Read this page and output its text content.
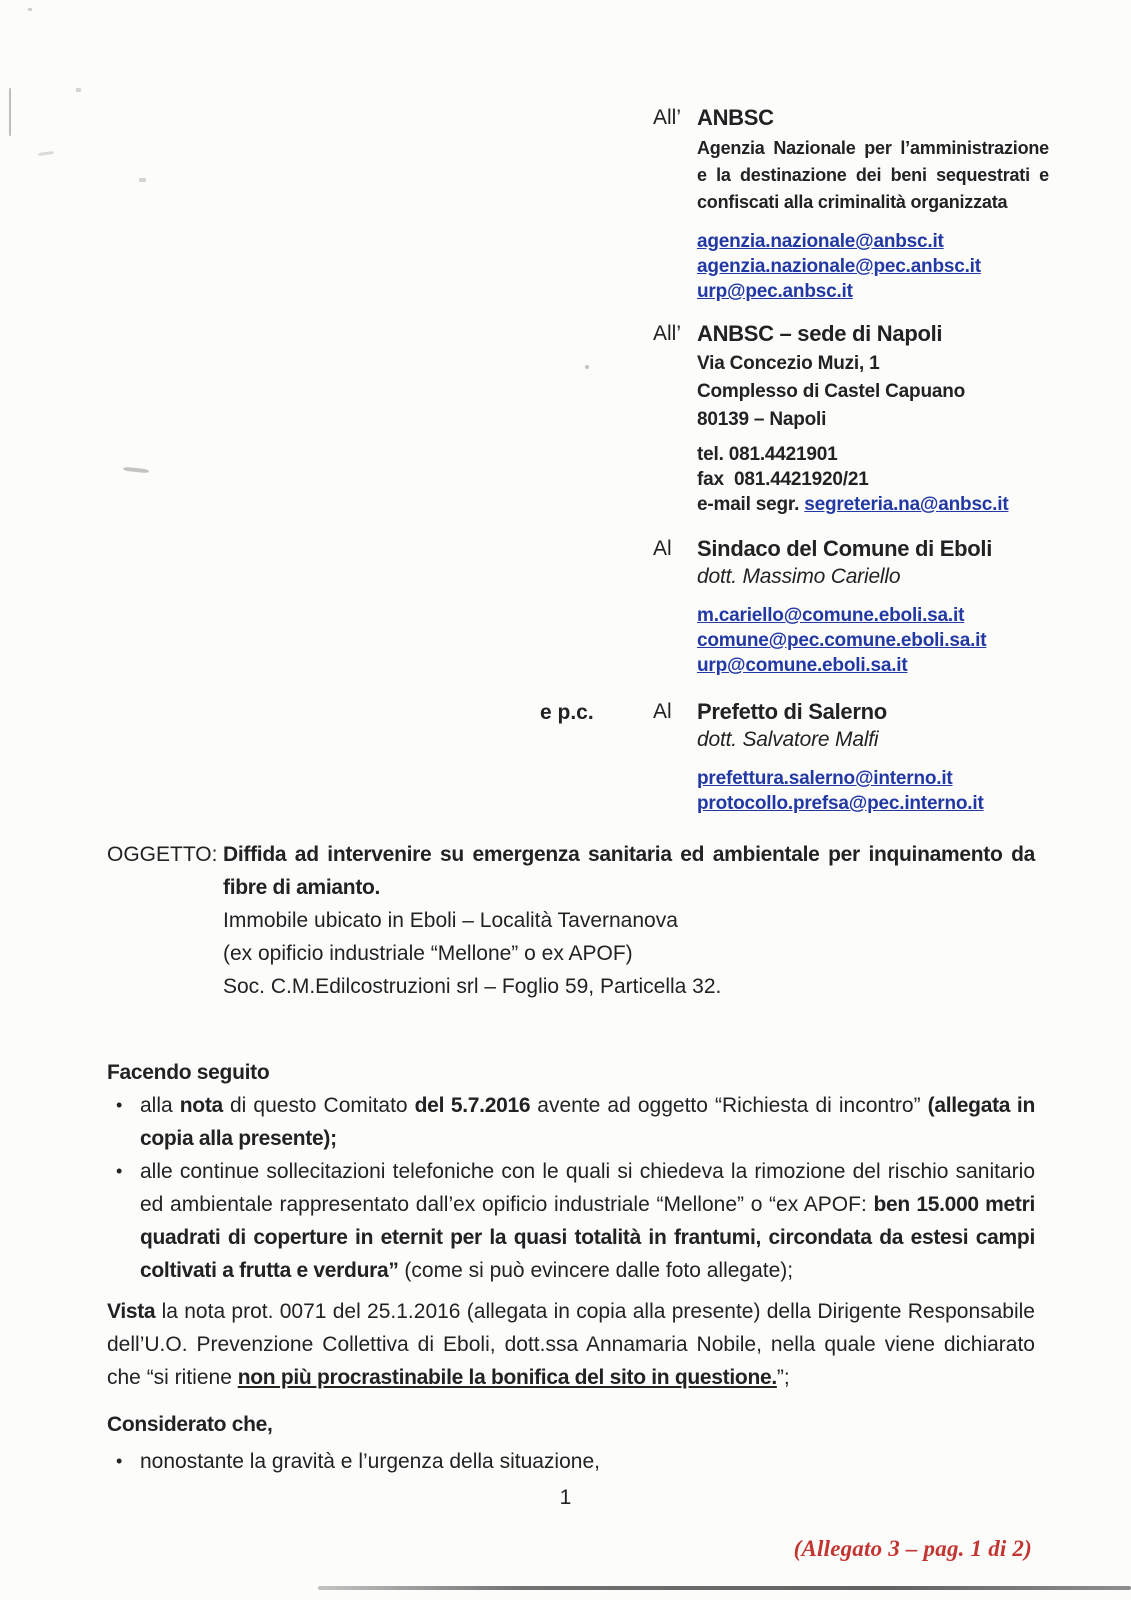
All’ ANBSC
Agenzia Nazionale per l’amministrazione e la destinazione dei beni sequestrati e confiscati alla criminalità organizzata
agenzia.nazionale@anbsc.it
agenzia.nazionale@pec.anbsc.it
urp@pec.anbsc.it
All’ ANBSC – sede di Napoli
Via Concezio Muzi, 1
Complesso di Castel Capuano
80139 – Napoli
tel. 081.4421901
fax  081.4421920/21
e-mail segr. segreteria.na@anbsc.it
Al Sindaco del Comune di Eboli
dott. Massimo Cariello
m.cariello@comune.eboli.sa.it
comune@pec.comune.eboli.sa.it
urp@comune.eboli.sa.it
e p.c.	Al Prefetto di Salerno
dott. Salvatore Malfi
prefettura.salerno@interno.it
protocollo.prefsa@pec.interno.it
OGGETTO: Diffida ad intervenire su emergenza sanitaria ed ambientale per inquinamento da fibre di amianto.

Immobile ubicato in Eboli – Località Tavernanova

(ex opificio industriale “Mellone” o ex APOF)

Soc. C.M.Edilcostruzioni srl – Foglio 59, Particella 32.

Facendo seguito

• alla nota di questo Comitato del 5.7.2016 avente ad oggetto “Richiesta di incontro” (allegata in copia alla presente);

• alle continue sollecitazioni telefoniche con le quali si chiedeva la rimozione del rischio sanitario ed ambientale rappresentato dall’ex opificio industriale “Mellone” o “ex APOF: ben 15.000 metri quadrati di coperture in eternit per la quasi totalità in frantumi, circondata da estesi campi coltivati a frutta e verdura” (come si può evincere dalle foto allegate);

Vista la nota prot. 0071 del 25.1.2016 (allegata in copia alla presente) della Dirigente Responsabile dell’U.O. Prevenzione Collettiva di Eboli, dott.ssa Annamaria Nobile, nella quale viene dichiarato che “si ritiene non più procrastinabile la bonifica del sito in questione.”;

Considerato che,

• nonostante la gravità e l’urgenza della situazione,

1
(Allegato 3 – pag. 1 di 2)
